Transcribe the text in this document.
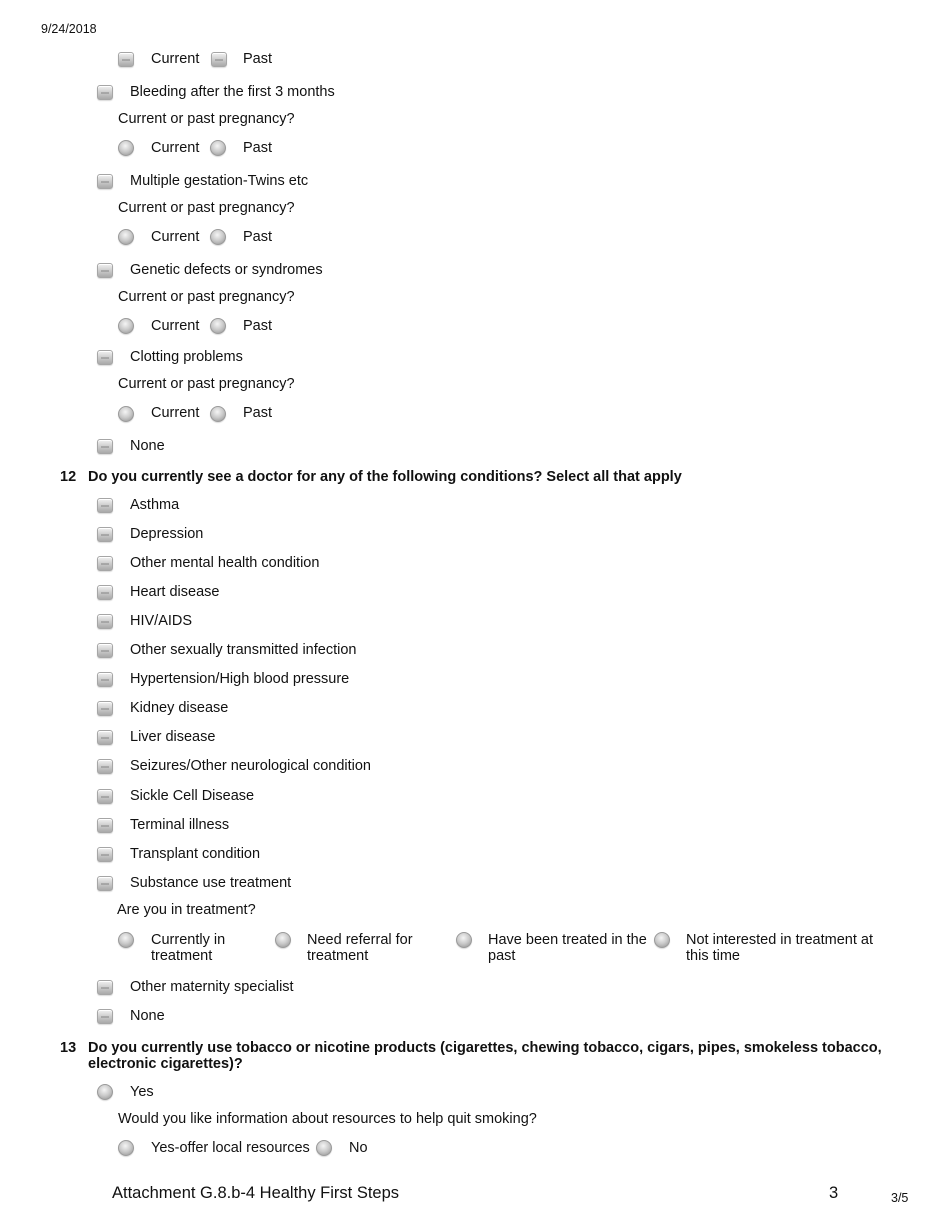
9/24/2018
Current	Past
Bleeding after the first 3 months
Current or past pregnancy?
Current	Past
Multiple gestation-Twins etc
Current or past pregnancy?
Current	Past
Genetic defects or syndromes
Current or past pregnancy?
Current	Past
Clotting problems
Current or past pregnancy?
Current	Past
None
12 Do you currently see a doctor for any of the following conditions? Select all that apply
Asthma
Depression
Other mental health condition
Heart disease
HIV/AIDS
Other sexually transmitted infection
Hypertension/High blood pressure
Kidney disease
Liver disease
Seizures/Other neurological condition
Sickle Cell Disease
Terminal illness
Transplant condition
Substance use treatment
Are you in treatment?
Currently in
treatment
Need referral for
treatment
Have been treated in the
past
Not interested in treatment at
this time
Other maternity specialist
None
13 Do you currently use tobacco or nicotine products (cigarettes, chewing tobacco, cigars, pipes, smokeless tobacco,
electronic cigarettes)?
Yes
Would you like information about resources to help quit smoking?
Yes-offer local resources	No
Attachment G.8.b-4 Healthy First Steps	3	3/5
